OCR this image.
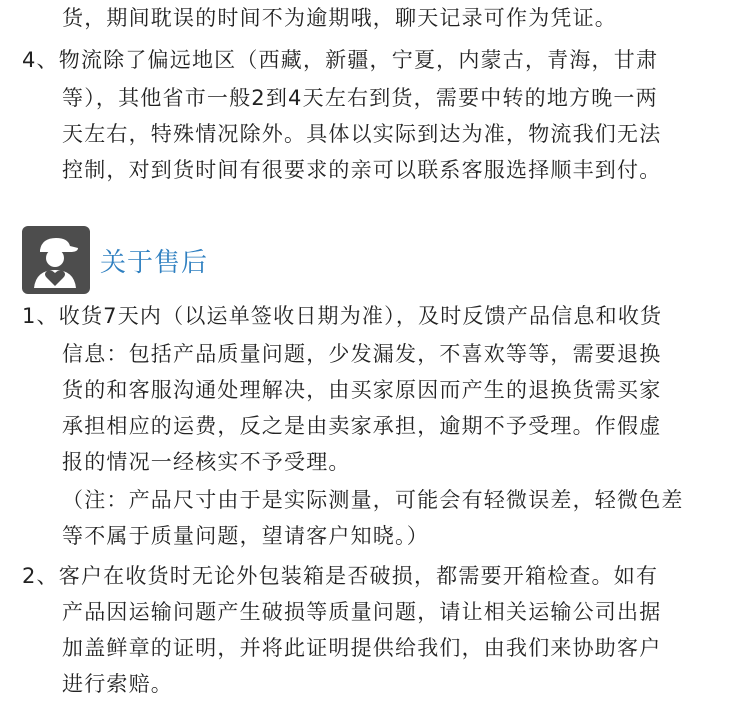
货，期间耽误的时间不为逾期哦，聊天记录可作为凭证。
4、物流除了偏远地区（西藏，新疆，宁夏，内蒙古，青海，甘肃
等），其他省市一般2到4天左右到货，需要中转的地方晚一两
天左右，特殊情况除外。具体以实际到达为准，物流我们无法
控制，对到货时间有很要求的亲可以联系客服选择顺丰到付。
关于售后
1、收货7天内（以运单签收日期为准），及时反馈产品信息和收货
信息：包括产品质量问题，少发漏发，不喜欢等等，需要退换
货的和客服沟通处理解决，由买家原因而产生的退换货需买家
承担相应的运费，反之是由卖家承担，逾期不予受理。作假虚
报的情况一经核实不予受理。
（注：产品尺寸由于是实际测量，可能会有轻微误差，轻微色差
等不属于质量问题，望请客户知晓。）
2、客户在收货时无论外包装箱是否破损，都需要开箱检查。如有
产品因运输问题产生破损等质量问题，请让相关运输公司出据
加盖鲜章的证明，并将此证明提供给我们，由我们来协助客户
进行索赔。
